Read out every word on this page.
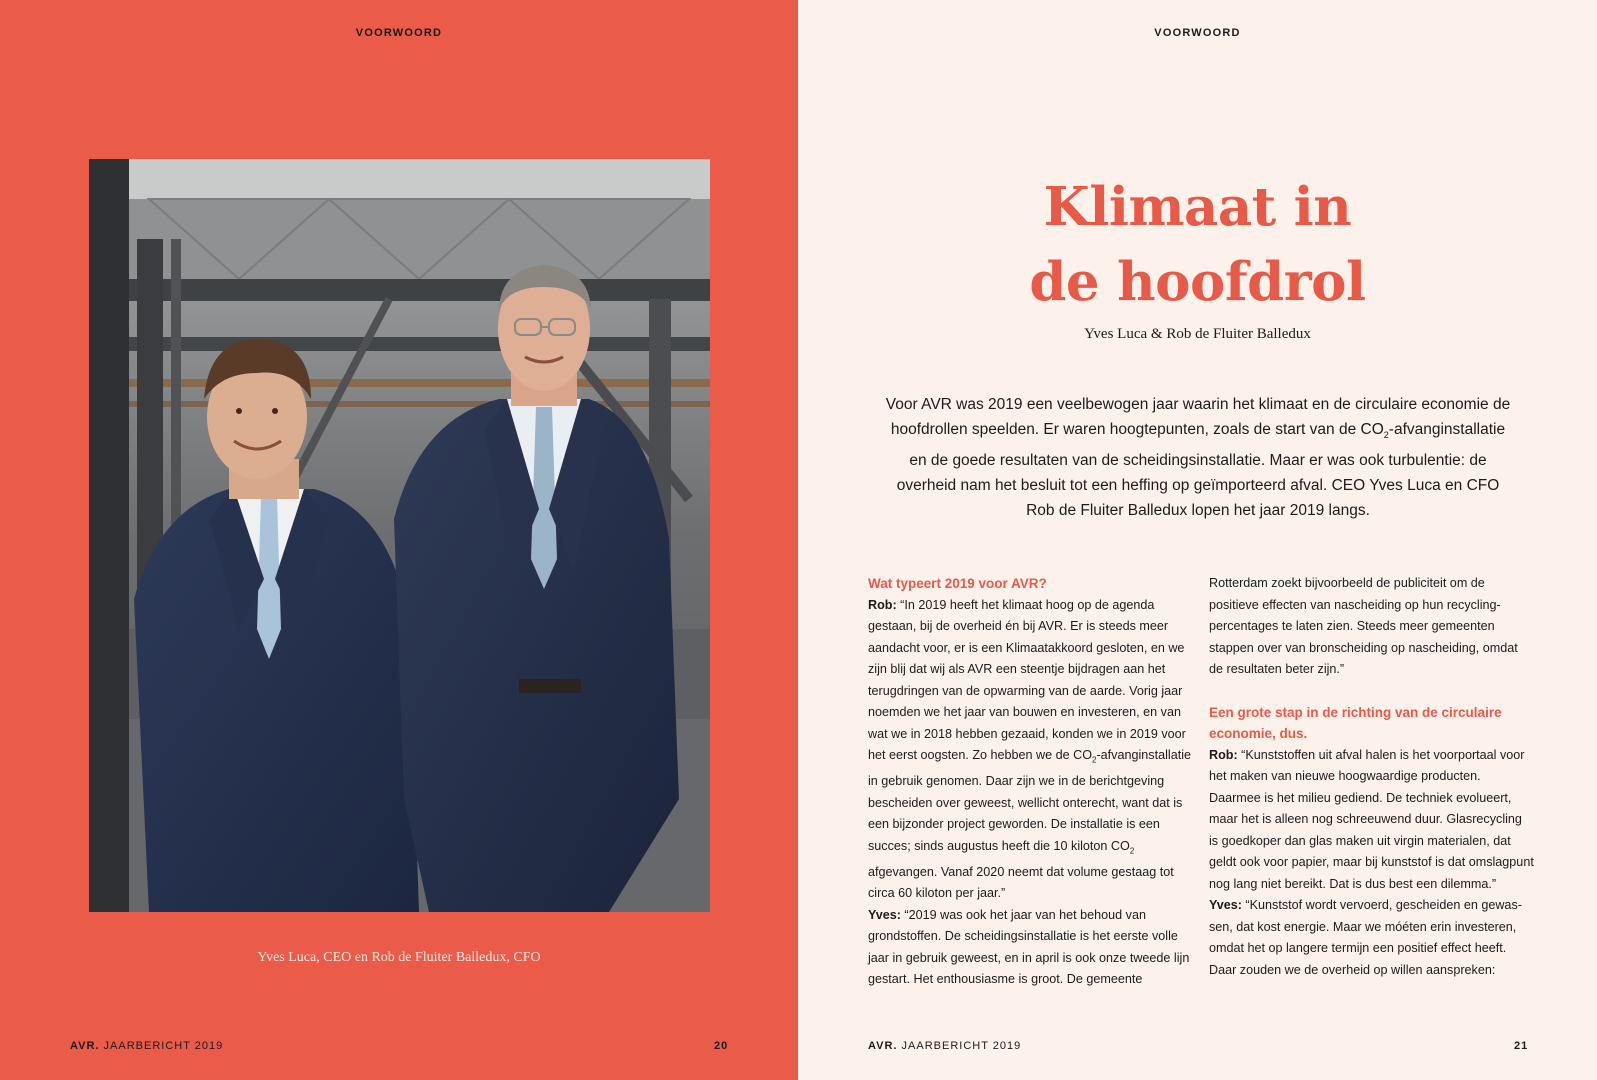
VOORWOORD
Yves Luca, CEO en Rob de Fluiter Balledux, CFO
AVR. JAARBERICHT 2019	20
VOORWOORD
Klimaat in
de hoofdrol
Yves Luca & Rob de Fluiter Balledux
Voor AVR was 2019 een veelbewogen jaar waarin het klimaat en de circulaire economie de hoofdrollen speelden. Er waren hoogtepunten, zoals de start van de $CO_2$-afvanginstallatie en de goede resultaten van de scheidingsinstallatie. Maar er was ook turbulentie: de overheid nam het besluit tot een heffing op geïmporteerd afval. CEO Yves Luca en CFO Rob de Fluiter Balledux lopen het jaar 2019 langs.

Wat typeert 2019 voor AVR?

Rob: “In 2019 heeft het klimaat hoog op de agenda gestaan, bij de overheid én bij AVR. Er is steeds meer aandacht voor, er is een Klimaatakkoord gesloten, en we zijn blij dat wij als AVR een steentje bijdragen aan het terugdringen van de opwarming van de aarde. Vorig jaar noemden we het jaar van bouwen en investeren, en van wat we in 2018 hebben gezaaid, konden we in 2019 voor het eerst oogsten. Zo hebben we de $CO_2$-afvanginstallatie in gebruik genomen. Daar zijn we in de berichtgeving bescheiden over geweest, wellicht onterecht, want dat is een bijzonder project geworden. De installatie is een succes; sinds augustus heeft die 10 kiloton $CO_2$ afgevangen. Vanaf 2020 neemt dat volume gestaag tot circa 60 kiloton per jaar.”

Yves: “2019 was ook het jaar van het behoud van grondstoffen. De scheidingsinstallatie is het eerste volle jaar in gebruik geweest, en in april is ook onze tweede lijn gestart. Het enthousiasme is groot. De gemeente

Rotterdam zoekt bijvoorbeeld de publiciteit om de positieve effecten van nascheiding op hun recyclingpercentages te laten zien. Steeds meer gemeenten stappen over van bronscheiding op nascheiding, omdat de resultaten beter zijn.”

Een grote stap in de richting van de circulaire economie, dus.

Rob: “Kunststoffen uit afval halen is het voorportaal voor het maken van nieuwe hoogwaardige producten. Daarmee is het milieu gediend. De techniek evolueert, maar het is alleen nog schreeuwend duur. Glasrecycling is goedkoper dan glas maken uit virgin materialen, dat geldt ook voor papier, maar bij kunststof is dat omslagpunt nog lang niet bereikt. Dat is dus best een dilemma.”

Yves: “Kunststof wordt vervoerd, gescheiden en gewassen, dat kost energie. Maar we móéten erin investeren, omdat het op langere termijn een positief effect heeft. Daar zouden we de overheid op willen aanspreken:

AVR. JAARBERICHT 2019	21
